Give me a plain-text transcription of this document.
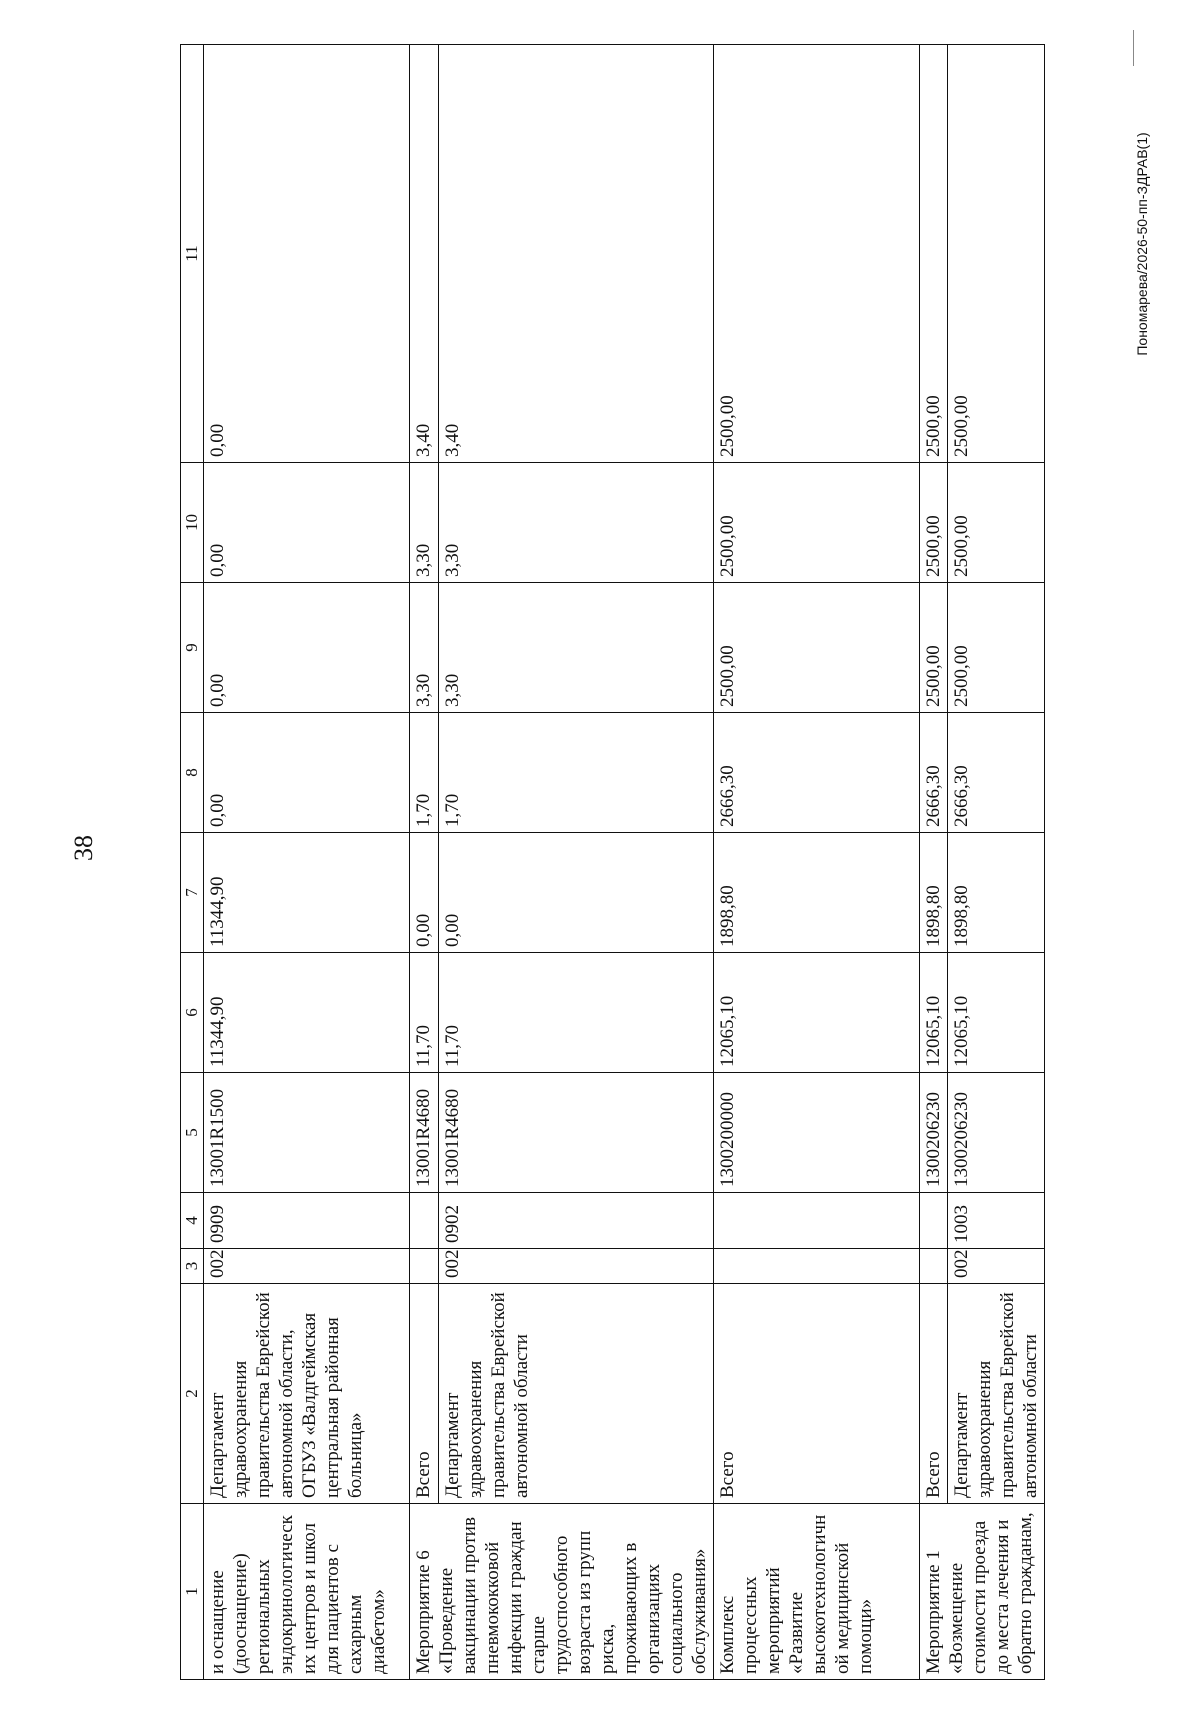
38
Пономарева/2026-50-пп-ЗДРАВ(1)
1	2	3	4	5	6	7	8	9	10	11
и оснащение (дооснащение) региональных эндокринологических центров и школ для пациентов с сахарным диабетом»	Департамент здравоохранения правительства Еврейской автономной области, ОГБУЗ «Валдгеймская центральная районная больница»	002	0909	13001R1500	11344,90	11344,90	0,00	0,00	0,00	0,00
Мероприятие 6 «Проведение вакцинации против пневмококковой инфекции граждан старше трудоспособного возраста из групп риска, проживающих в организациях социального обслуживания»	Всего			13001R4680	11,70	0,00	1,70	3,30	3,30	3,40
	Департамент здравоохранения правительства Еврейской автономной области	002	0902	13001R4680	11,70	0,00	1,70	3,30	3,30	3,40
Комплекс процессных мероприятий «Развитие высокотехнологичной медицинской помощи»	Всего			1300200000	12065,10	1898,80	2666,30	2500,00	2500,00	2500,00
Мероприятие 1 «Возмещение стоимости проезда до места лечения и обратно гражданам,	Всего			1300206230	12065,10	1898,80	2666,30	2500,00	2500,00	2500,00
	Департамент здравоохранения правительства Еврейской автономной области	002	1003	1300206230	12065,10	1898,80	2666,30	2500,00	2500,00	2500,00
